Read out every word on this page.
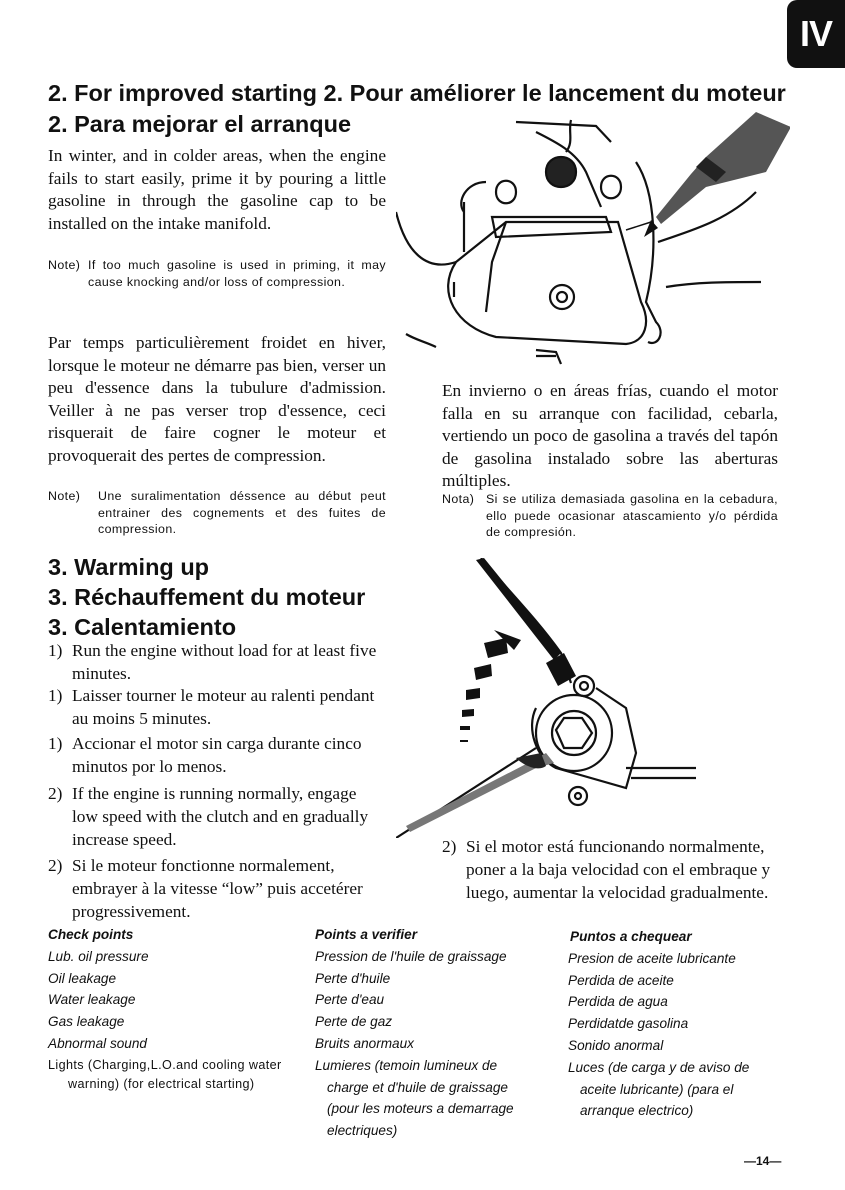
IV
2. For improved starting 2. Pour améliorer le lancement du moteur
2. Para mejorar el arranque
In winter, and in colder areas, when the engine fails to start easily, prime it by pouring a little gasoline in through the gasoline cap to be installed on the intake manifold.
Note) If too much gasoline is used in priming, it may cause knocking and/or loss of compression.
Par temps particulièrement froidet en hiver, lorsque le moteur ne démarre pas bien, verser un peu d'essence dans la tubulure d'admission. Veiller à ne pas verser trop d'essence, ceci risquerait de faire cogner le moteur et provoquerait des pertes de compression.
Note)	Une suralimentation déssence au début peut entrainer des cognements et des fuites de compression.
En invierno o en áreas frías, cuando el motor falla en su arranque con facilidad, cebarla, vertiendo un poco de gasolina a través del tapón de gasolina instalado sobre las aberturas múltiples.
Nota) Si se utiliza demasiada gasolina en la cebadura, ello puede ocasionar atascamiento y/o pérdida de compresión.
3. Warming up
3. Réchauffement du moteur
3. Calentamiento
1) Run the engine without load for at least five minutes.
1) Laisser tourner le moteur au ralenti pendant au moins 5 minutes.
1) Accionar el motor sin carga durante cinco minutos por lo menos.
2) If the engine is running normally, engage low speed with the clutch and en gradually increase speed.
2) Si le moteur fonctionne normalement, embrayer à la vitesse “low” puis accetérer progressivement.
2) Si el motor está funcionando normalmente, poner a la baja velocidad con el embraque y luego, aumentar la velocidad gradualmente.
Check points
Lub. oil pressure
Oil leakage
Water leakage
Gas leakage
Abnormal sound
Lights (Charging,L.O.and cooling water
warning) (for electrical starting)
Points a verifier
Pression de l'huile de graissage
Perte d'huile
Perte d'eau
Perte de gaz
Bruits anormaux
Lumieres (temoin lumineux de
charge et d'huile de graissage
(pour les moteurs a demarrage
electriques)
Puntos a chequear
Presion de aceite lubricante
Perdida de aceite
Perdida de agua
Perdidatde gasolina
Sonido anormal
Luces (de carga y de aviso de
aceite lubricante) (para el
arranque electrico)
—14—
